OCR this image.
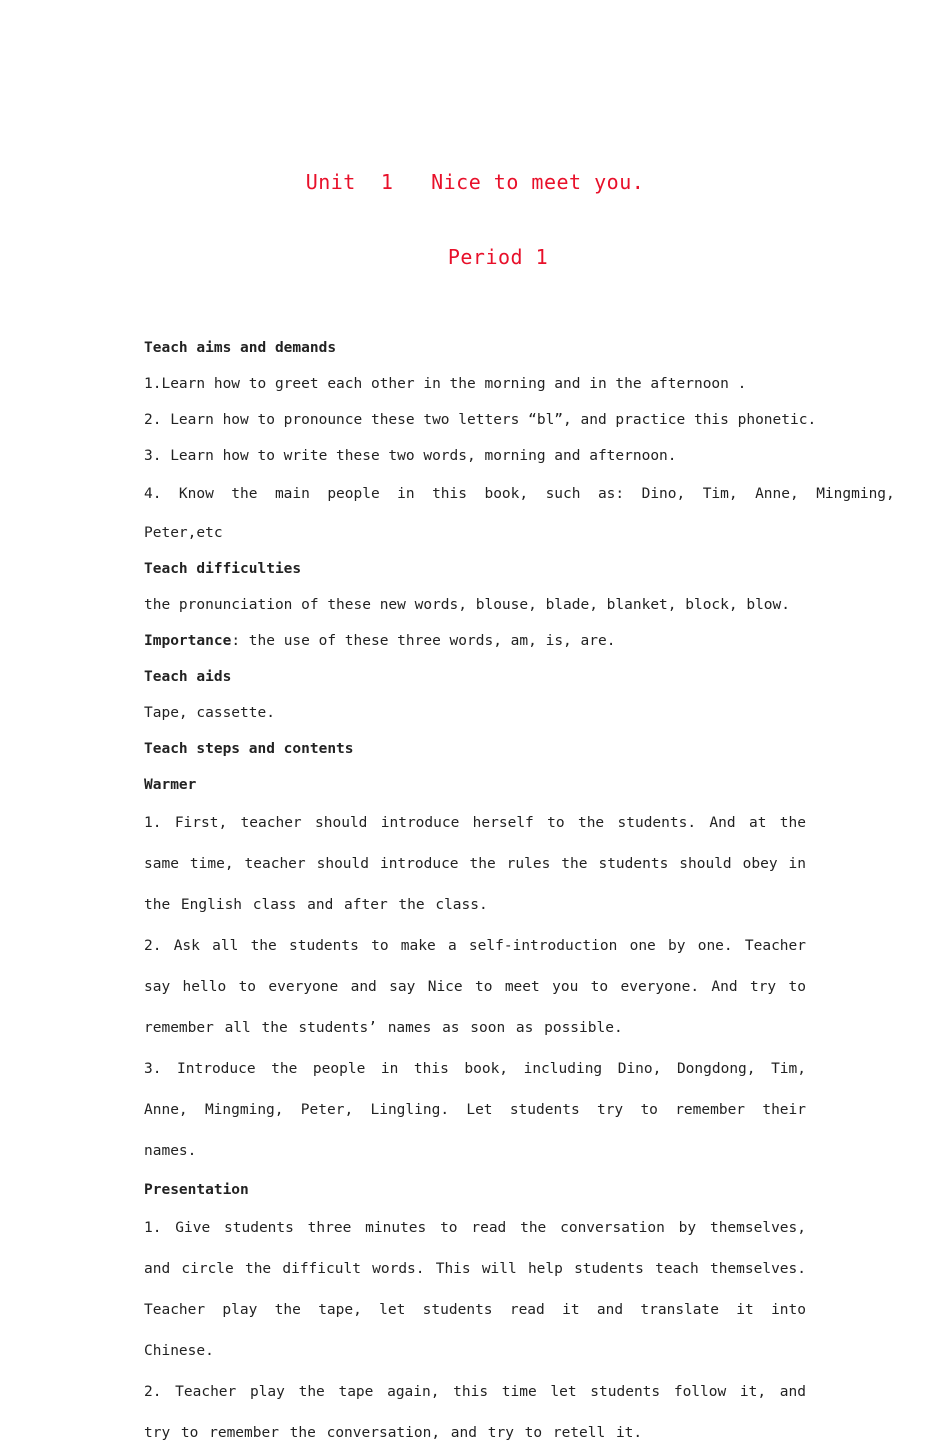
Unit  1   Nice to meet you.

Period 1

Teach aims and demands

1.Learn how to greet each other in the morning and in the afternoon .

2. Learn how to pronounce these two letters “bl”, and practice this phonetic.

3. Learn how to write these two words, morning and afternoon.

4.  Know  the  main  people  in  this  book,  such  as:  Dino,  Tim,  Anne,  Mingming,

Peter,etc

Teach difficulties

the pronunciation of these new words, blouse, blade, blanket, block, blow.

Importance: the use of these three words, am, is, are.

Teach aids

Tape, cassette.

Teach steps and contents

Warmer

1. First, teacher should introduce herself to the students. And at the same time, teacher should introduce the rules the students should obey in the English class and after the class.

2. Ask all the students to make a self-introduction one by one. Teacher say hello to everyone and say Nice to meet you to everyone. And try to remember all the students’ names as soon as possible.

3. Introduce the people in this book, including Dino, Dongdong, Tim, Anne, Mingming, Peter, Lingling. Let students try to remember their names.

Presentation

1. Give students three minutes to read the conversation by themselves, and circle the difficult words. This will help students teach themselves. Teacher play the tape, let students read it and translate it into Chinese.

2. Teacher play the tape again, this time let students follow it, and try to remember the conversation, and try to retell it.
